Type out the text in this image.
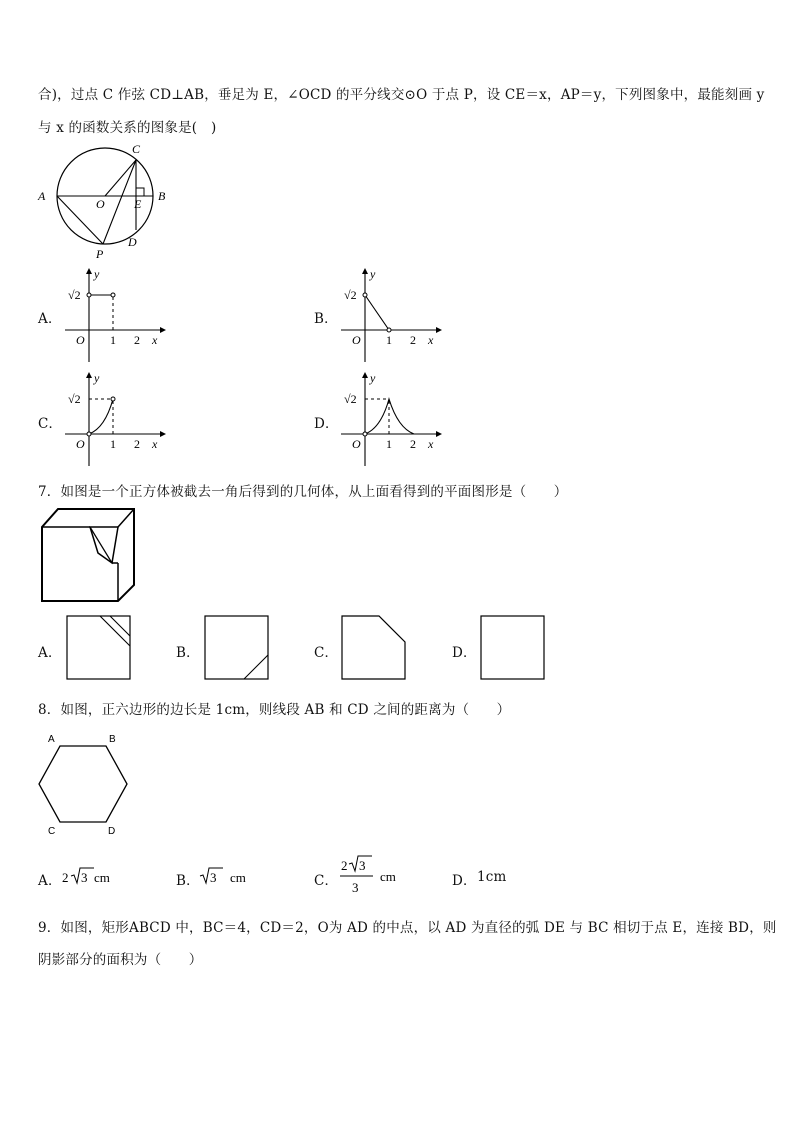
合)，过点 C 作弦 CD⊥AB，垂足为 E，∠OCD 的平分线交⊙O 于点 P，设 CE＝x，AP＝y，下列图象中，最能刻画 y
与 x 的函数关系的图象是(　)
A	B
C
D
E
O
P
A．
y
√2
O 1 2 x
B．
y
√2
O 1 2 x
C．
y
√2
O 1 2 x
D．
y
√2
O 1 2 x
7．如图是一个正方体被截去一角后得到的几何体，从上面看得到的平面图形是（　　）
A．	B．	C．	D．
8．如图，正六边形的边长是 1cm，则线段 AB 和 CD 之间的距离为（　　）
A	B
C	D
A． 2 3 cm	B． 3 cm	C．
2 3
3
cm	D． 1cm
9．如图，矩形ABCD 中，BC＝4，CD＝2，O为 AD 的中点，以 AD 为直径的弧 DE 与 BC 相切于点 E，连接 BD，则
阴影部分的面积为（　　）
